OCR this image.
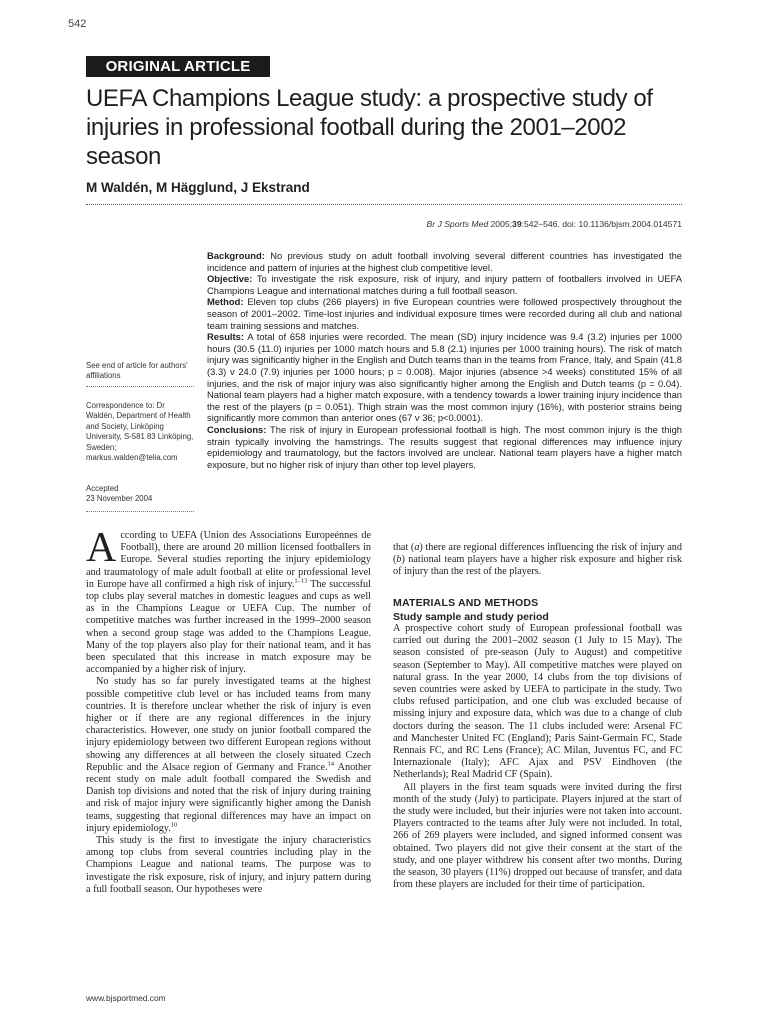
542
ORIGINAL ARTICLE
UEFA Champions League study: a prospective study of injuries in professional football during the 2001–2002 season
M Waldén, M Hägglund, J Ekstrand
Br J Sports Med 2005;39:542–546. doi: 10.1136/bjsm.2004.014571

Background: No previous study on adult football involving several different countries has investigated the incidence and pattern of injuries at the highest club competitive level.

Objective: To investigate the risk exposure, risk of injury, and injury pattern of footballers involved in UEFA Champions League and international matches during a full football season.

Method: Eleven top clubs (266 players) in five European countries were followed prospectively throughout the season of 2001–2002. Time-lost injuries and individual exposure times were recorded during all club and national team training sessions and matches.

Results: A total of 658 injuries were recorded. The mean (SD) injury incidence was 9.4 (3.2) injuries per 1000 hours (30.5 (11.0) injuries per 1000 match hours and 5.8 (2.1) injuries per 1000 training hours). The risk of match injury was significantly higher in the English and Dutch teams than in the teams from France, Italy, and Spain (41.8 (3.3) v 24.0 (7.9) injuries per 1000 hours; p = 0.008). Major injuries (absence >4 weeks) constituted 15% of all injuries, and the risk of major injury was also significantly higher among the English and Dutch teams (p = 0.04). National team players had a higher match exposure, with a tendency towards a lower training injury incidence than the rest of the players (p = 0.051). Thigh strain was the most common injury (16%), with posterior strains being significantly more common than anterior ones (67 v 36; p<0.0001).

Conclusions: The risk of injury in European professional football is high. The most common injury is the thigh strain typically involving the hamstrings. The results suggest that regional differences may influence injury epidemiology and traumatology, but the factors involved are unclear. National team players have a higher match exposure, but no higher risk of injury than other top level players.

See end of article for authors' affiliations
Correspondence to: Dr Waldén, Department of Health and Society, Linköping University, S-581 83 Linköping, Sweden; markus.walden@telia.com

Accepted

23 November 2004

According to UEFA (Union des Associations Europeénnes de Football), there are around 20 million licensed footballers in Europe. Several studies reporting the injury epidemiology and traumatology of male adult football at elite or professional level in Europe have all confirmed a high risk of injury.$^{1-13}$ The successful top clubs play several matches in domestic leagues and cups as well as in the Champions League or UEFA Cup. The number of competitive matches was further increased in the 1999–2000 season when a second group stage was added to the Champions League. Many of the top players also play for their national team, and it has been speculated that this increase in match exposure may be accompanied by a higher risk of injury.

No study has so far purely investigated teams at the highest possible competitive club level or has included teams from many countries. It is therefore unclear whether the risk of injury is even higher or if there are any regional differences in the injury characteristics. However, one study on junior football compared the injury epidemiology between two different European regions without showing any differences at all between the closely situated Czech Republic and the Alsace region of Germany and France.$^{14}$ Another recent study on male adult football compared the Swedish and Danish top divisions and noted that the risk of injury during training and risk of major injury were significantly higher among the Danish teams, suggesting that regional differences may have an impact on injury epidemiology.$^{10}$

This study is the first to investigate the injury characteristics among top clubs from several countries including play in the Champions League and national teams. The purpose was to investigate the risk exposure, risk of injury, and injury pattern during a full football season. Our hypotheses were

that (a) there are regional differences influencing the risk of injury and (b) national team players have a higher risk exposure and higher risk of injury than the rest of the players.

MATERIALS AND METHODS
Study sample and study period

A prospective cohort study of European professional football was carried out during the 2001–2002 season (1 July to 15 May). The season consisted of pre-season (July to August) and competitive season (September to May). All competitive matches were played on natural grass. In the year 2000, 14 clubs from the top divisions of seven countries were asked by UEFA to participate in the study. Two clubs refused participation, and one club was excluded because of missing injury and exposure data, which was due to a change of club doctors during the season. The 11 clubs included were: Arsenal FC and Manchester United FC (England); Paris Saint-Germain FC, Stade Rennais FC, and RC Lens (France); AC Milan, Juventus FC, and FC Internazionale (Italy); AFC Ajax and PSV Eindhoven (the Netherlands); Real Madrid CF (Spain).

All players in the first team squads were invited during the first month of the study (July) to participate. Players injured at the start of the study were included, but their injuries were not taken into account. Players contracted to the teams after July were not included. In total, 266 of 269 players were included, and signed informed consent was obtained. Two players did not give their consent at the start of the study, and one player withdrew his consent after two months. During the season, 30 players (11%) dropped out because of transfer, and data from these players are included for their time of participation.

www.bjsportmed.com
